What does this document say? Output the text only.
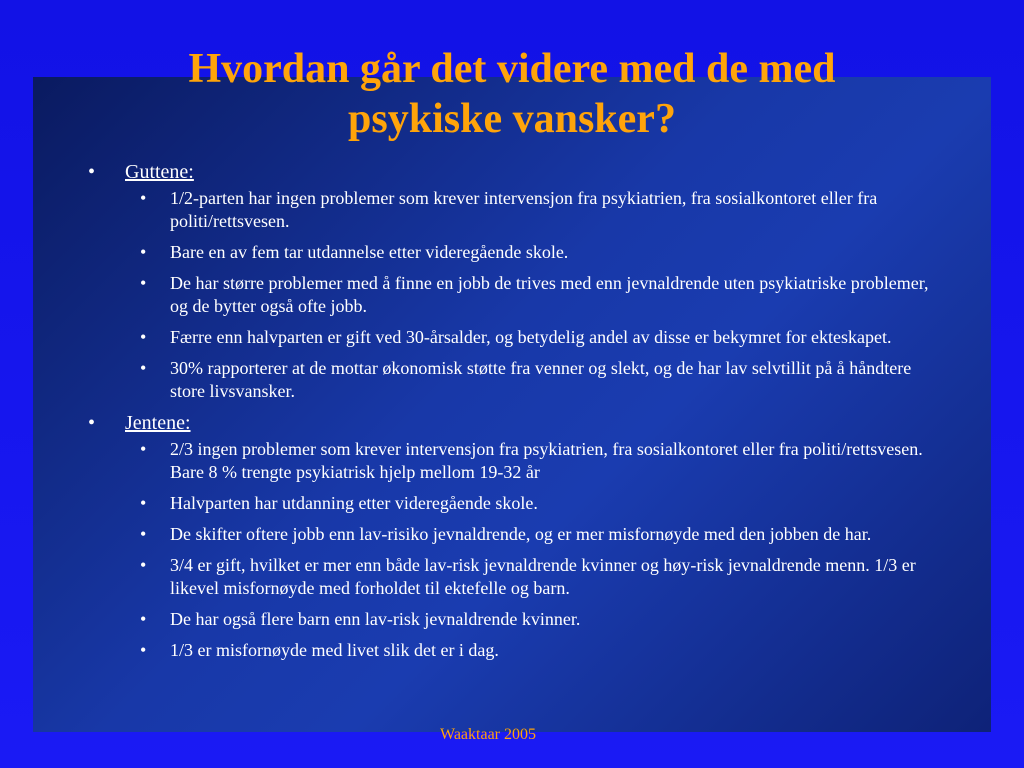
Hvordan går det videre med de med
psykiske vansker?
• Guttene:
• 1/2-parten har ingen problemer som krever intervensjon fra psykiatrien, fra sosialkontoret eller fra politi/rettsvesen.
• Bare en av fem tar utdannelse etter videregående skole.
• De har større problemer med å finne en jobb de trives med enn jevnaldrende uten psykiatriske problemer, og de bytter også ofte jobb.
• Færre enn halvparten er gift ved 30-årsalder, og betydelig andel av disse er bekymret for ekteskapet.
• 30% rapporterer at de mottar økonomisk støtte fra venner og slekt, og de har lav selvtillit på å håndtere store livsvansker.
• Jentene:
• 2/3 ingen problemer som krever intervensjon fra psykiatrien, fra sosialkontoret eller fra politi/rettsvesen. Bare 8 % trengte psykiatrisk hjelp mellom 19-32 år
• Halvparten har utdanning etter videregående skole.
• De skifter oftere jobb enn lav-risiko jevnaldrende, og er mer misfornøyde med den jobben de har.
• 3/4 er gift, hvilket er mer enn både lav-risk jevnaldrende kvinner og høy-risk jevnaldrende menn. 1/3 er likevel misfornøyde med forholdet til ektefelle og barn.
• De har også flere barn enn lav-risk jevnaldrende kvinner.
• 1/3 er misfornøyde med livet slik det er i dag.
Waaktaar 2005
